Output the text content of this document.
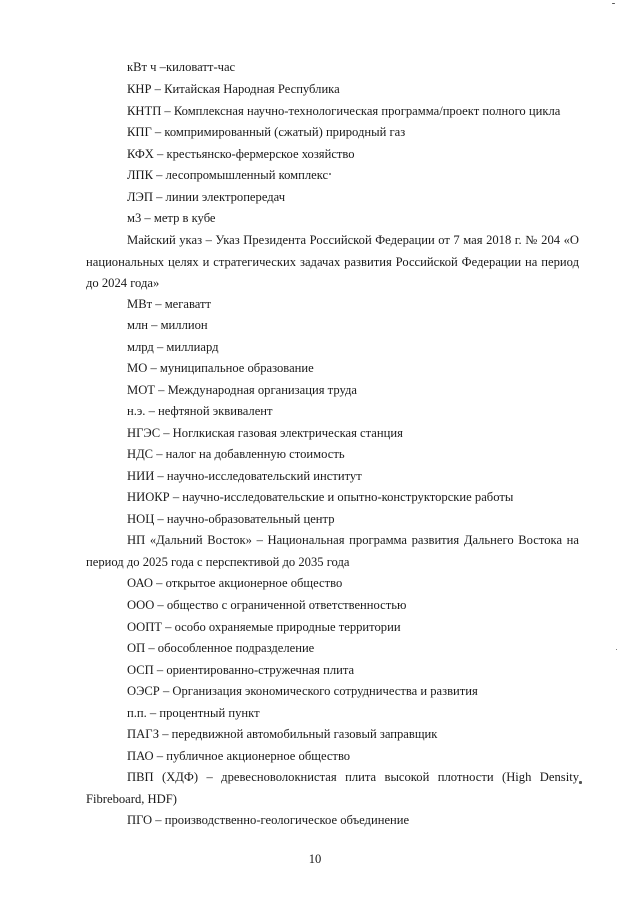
кВт ч –киловатт-час
КНР – Китайская Народная Республика
КНТП – Комплексная научно-технологическая программа/проект полного цикла
КПГ – компримированный (сжатый) природный газ
КФХ – крестьянско-фермерское хозяйство
ЛПК – лесопромышленный комплекс
ЛЭП – линии электропередач
м3 – метр в кубе
Майский указ – Указ Президента Российской Федерации от 7 мая 2018 г. № 204 «О
национальных целях и стратегических задачах развития Российской Федерации на период
до 2024 года»
МВт – мегаватт
млн – миллион
млрд – миллиард
МО – муниципальное образование
МОТ – Международная организация труда
н.э. – нефтяной эквивалент
НГЭС – Ноглкиская газовая электрическая станция
НДС – налог на добавленную стоимость
НИИ – научно-исследовательский институт
НИОКР – научно-исследовательские и опытно-конструкторские работы
НОЦ – научно-образовательный центр
НП «Дальний Восток» – Национальная программа развития Дальнего Востока на
период до 2025 года с перспективой до 2035 года
ОАО – открытое акционерное общество
ООО – общество с ограниченной ответственностью
ООПТ – особо охраняемые природные территории
ОП – обособленное подразделение
ОСП – ориентированно-стружечная плита
ОЭСР – Организация экономического сотрудничества и развития
п.п. – процентный пункт
ПАГЗ – передвижной автомобильный газовый заправщик
ПАО – публичное акционерное общество
ПВП (ХДФ) – древесноволокнистая плита высокой плотности (High Density
Fibreboard, HDF)
ПГО – производственно-геологическое объединение
10
